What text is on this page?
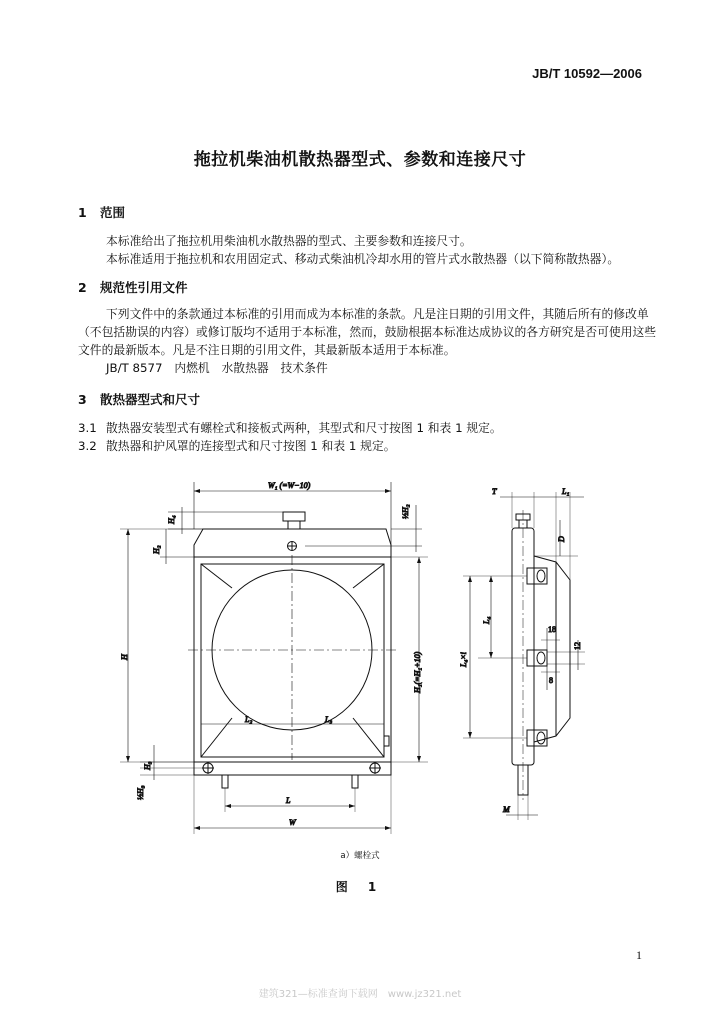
JB/T 10592—2006
拖拉机柴油机散热器型式、参数和连接尺寸
1 范围
本标准给出了拖拉机用柴油机水散热器的型式、主要参数和连接尺寸。
本标准适用于拖拉机和农用固定式、移动式柴油机冷却水用的管片式水散热器（以下简称散热器）。
2 规范性引用文件
下列文件中的条款通过本标准的引用而成为本标准的条款。凡是注日期的引用文件，其随后所有的修改单（不包括勘误的内容）或修订版均不适用于本标准，然而，鼓励根据本标准达成协议的各方研究是否可使用这些文件的最新版本。凡是不注日期的引用文件，其最新版本适用于本标准。
JB/T 8577　内燃机　水散热器　技术条件
3 散热器型式和尺寸
3.1 散热器安装型式有螺栓式和接板式两种，其型式和尺寸按图 1 和表 1 规定。
3.2 散热器和护风罩的连接型式和尺寸按图 1 和表 1 规定。
W₁ (=W−10)
H₄
H₂
½H₂
H	H₁(=H₁+10)
L₂	L₃
H₃
½H₃
L
W
T	L₁
D
L₄
L₄×i
18
12
8
M
a）螺栓式
图 1
1
建筑321—标准查询下载网　www.jz321.net
